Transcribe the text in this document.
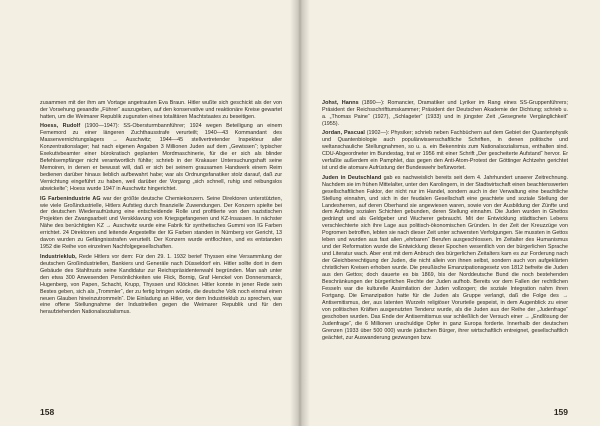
zusammen mit der ihm am Vortage angetrauten Eva Braun. Hitler wußte sich geschickt als der von der Vorsehung gesandte „Führer“ auszugeben, auf den konservative und reaktionäre Kreise gewartet hatten, um die Weimarer Republik zugunsten eines totalitären Machtstaates zu beseitigen.

Hoess, Rudolf (1900—1947): SS-Obersturmbannführer; 1924 wegen Beteiligung an einem Fememord zu einer längeren Zuchthausstrafe verurteilt; 1940—43 Kommandant des Massenvernichtungslagers → Auschwitz; 1944—45 stellvertretender Inspekteur aller Konzentrationslager; hat nach eigenen Angaben 3 Millionen Juden auf dem „Gewissen“; typischer Exekutivbeamter einer bürokratisch geplanten Mordmaschinerie, für die er sich als blinder Befehlsempfänger nicht verantwortlich fühlte; schrieb in der Krakauer Untersuchungshaft seine Memoiren, in denen er bewusst will, daß er sich bei seinem grausamen Handwerk einem Reim bedienen darüber hinaus lieblich aufbewahrt habe; war als Ordnungsfanatiker stolz darauf, daß zur Vernichtung eingeführt zu haben, weil darüber der Vorgang „sich schnell, ruhig und reibungslos abwickelte“; Hoess wurde 1947 in Auschwitz hingerichtet.

IG Farbenindustrie AG war der größte deutsche Chemiekonzern. Seine Direktoren unterstützten, wie viele Großindustrielle, Hitlers Aufstieg durch finanzielle Zuwendungen. Der Konzern spielte bei der deutschen Wiederaufrüstung eine entscheidende Rolle und profitierte von den nazistischen Projekten der Zwangsarbeit und Verskklavung von Kriegsgefangenen und KZ-Insassen. In nächster Nähe des berüchtigten KZ → Auschwitz wurde eine Fabrik für synthetisches Gummi von IG Farben errichtet. 24 Direktoren und leitende Angestellte der IG Farben standen in Nürnberg vor Gericht, 13 davon wurden zu Gefängnisstrafen verurteilt. Der Konzern wurde entflochten, und es entstanden 1952 die Reihe von einzelnen Nachfolgegesellschaften.

Industrieklub, Rede Hitlers vor dem: Für den 29. 1. 1932 berief Thyssen eine Versammlung der deutschen Großindustriellen, Bankiers und Generäle nach Düsseldorf ein. Hitler sollte dort in dem Gebäude des Stahltrusts seine Kandidatur zur Reichspräsidentenwahl begründen. Man sah unter den etwa 300 Anwesenden Persönlichkeiten wie Flick, Bornig, Graf Henckel von Donnersmarck, Hugenberg, von Papen, Schacht, Krupp, Thyssen und Klöckner. Hitler konnte in jener Rede sein Bestes geben, sich als „Trommler“, der zu fertig bringen würde, die deutsche Volk noch einmal einen neuen Glauben hineinzutrommeln“. Die Einladung an Hitler, vor dem Industrieklub zu sprechen, war eine offene Stellungnahme der Industriellen gegen die Weimarer Republik und für den heraufziehenden Nationalsozialismus.

158

Johst, Hanns (1890—): Romancier, Dramatiker und Lyriker im Rang eines SS-Gruppenführers; Präsident der Reichsschrifttumskammer; Präsident der Deutschen Akademie der Dichtung; schrieb u. a. „Thomas Paine“ (1927), „Schlageter“ (1933) und in jüngster Zeit „Gesegnete Vergänglichkeit“ (1955).

Jordan, Pascual (1902—): Physiker; schrieb neben Fachbüchern auf dem Gebiet der Quantenphysik und Quantenbiologie auch populärwissenschaftliche Schriften, in denen politische und weltanschauliche Stellungnahmen, so u. a. ein Bekenntnis zum Nationalsozialismus, enthalten sind. CDU-Abgeordneter im Bundestag, trat er 1956 mit einer Schrift „Der gescheiterte Aufstand“ hervor. Er verfaßte außerdem ein Pamphlet, das gegen den Anti-Atom-Protest der Göttinger Achtzehn gerichtet ist und die atomare Aufrüstung der Bundeswehr befürwortet.

Juden in Deutschland gab es nachweislich bereits seit dem 4. Jahrhundert unserer Zeitrechnung. Nachdem sie im frühen Mittelalter, unter den Karolingern, in der Stadtwirtschaft einen beachtenswerten gesellschaftlichen Faktor, der nicht nur im Handel, sondern auch in der Verwaltung eine beachtliche Stellung einnahm, und sich in der feudalen Gesellschaft eine geachtete und soziale Stellung der Landesherren, auf deren Oberhand sie angewiesen waren, sowie von der Ausbildung der Zünfte und dem Aufstieg sozialen Schichten gebunden, deren Stellung einnahm. Die Juden wurden in Ghettos gedrängt und als Geldgeber und Wucherer gebraucht. Mit der Entwicklung städtischen Lebens verschlechterte sich ihre Lage aus politisch-ökonomischen Gründen. In der Zeit der Kreuzzüge von Pogromen betroffen, lebten sie nach dieser Zeit unter schwersten Verfolgungen. Sie mussten in Gettos leben und wurden aus fast allen „ehrbaren“ Berufen ausgeschlossen. Im Zeitalter des Humanismus und der Reformation wurde die Entwicklung dieser Epochen wesentlich von der bürgerlichen Sprache und Literatur wach. Aber erst mit dem Anbruch des bürgerlichen Zeitalters kam es zur Forderung nach der Gleichberechtigung der Juden, die nicht allein von ihnen selbst, sondern auch von aufgeklärten christlichen Kreisen erhoben wurde. Die preußische Emanzipationsgesetz von 1812 befreite die Juden aus den Gettos; doch dauerte es bis 1869, bis der Norddeutsche Bund die noch bestehenden Beschränkungen der bürgerlichen Rechte der Juden aufhob. Bereits vor dem Fallen der rechtlichen Fesseln war die kulturelle Assimilation der Juden vollzogen; die soziale Integration nahm ihren Fortgang. Die Emanzipation hatte für die Juden als Gruppe verlangt, daß die Folge des → Antisemitismus, der, aus latenten Wurzeln religiöser Vorurteile gespeist, in dem Augenblick zu einer von politischen Kräften ausgenutzten Tendenz wurde, als die Juden aus der Reihe der „Judenfrage“ geschoben wurden. Das Ende der Antisemitismus war schließlich der Versuch einer → „Endlösung der Judenfrage“, die 6 Millionen unschuldige Opfer in ganz Europa forderte. Innerhalb der deutschen Grenzen (1933 über 500 000) wurde jüdischen Bürger, ihrer wirtschaftlich entreignet, gesellschaftlich geächtet, zur Auswanderung gezwungen bzw.

159
